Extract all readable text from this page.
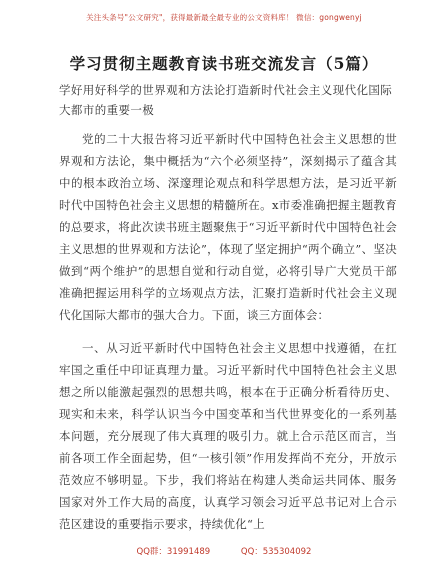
关注头条号"公文研究"，获得最新最全最专业的公文资料库！ 微信：gongwenyj
学习贯彻主题教育读书班交流发言（5篇）
学好用好科学的世界观和方法论打造新时代社会主义现代化国际大都市的重要一极
党的二十大报告将习近平新时代中国特色社会主义思想的世界观和方法论，集中概括为“六个必须坚持”，深刻揭示了蕴含其中的根本政治立场、深邃理论观点和科学思想方法，是习近平新时代中国特色社会主义思想的精髓所在。x市委准确把握主题教育的总要求，将此次读书班主题聚焦于“习近平新时代中国特色社会主义思想的世界观和方法论”，体现了坚定拥护“两个确立”、坚决做到“两个维护”的思想自觉和行动自觉，必将引导广大党员干部准确把握运用科学的立场观点方法，汇聚打造新时代社会主义现代化国际大都市的强大合力。下面，谈三方面体会：
一、从习近平新时代中国特色社会主义思想中找遵循，在扛牢国之重任中印证真理力量。习近平新时代中国特色社会主义思想之所以能激起强烈的思想共鸣，根本在于正确分析看待历史、现实和未来，科学认识当今中国变革和当代世界变化的一系列基本问题，充分展现了伟大真理的吸引力。就上合示范区而言，当前各项工作全面起势，但“一核引领”作用发挥尚不充分，开放示范效应不够明显。下步，我们将站在构建人类命运共同体、服务国家对外工作大局的高度，认真学习领会习近平总书记对上合示范区建设的重要指示要求，持续优化“上
QQ群：31991489	QQ：535304092
